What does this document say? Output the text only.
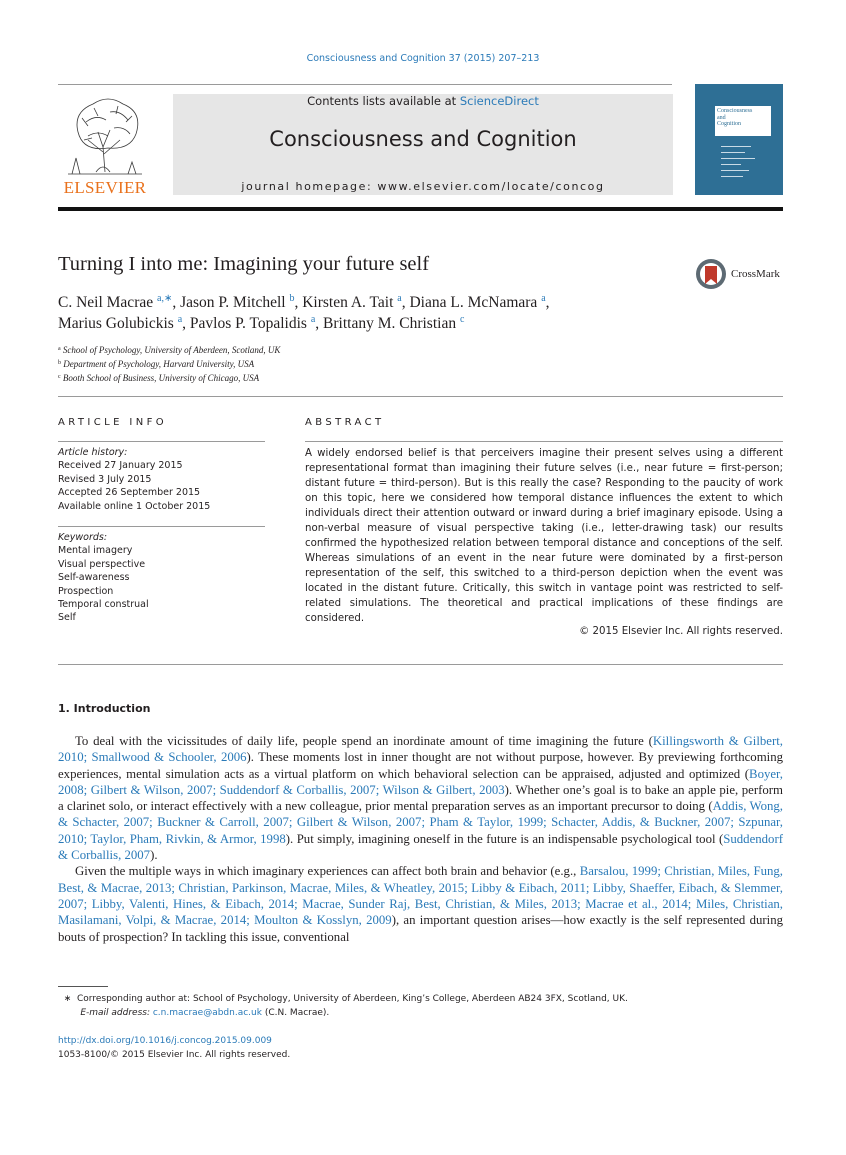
Consciousness and Cognition 37 (2015) 207–213
ELSEVIER
Contents lists available at ScienceDirect
Consciousness and Cognition
journal homepage: www.elsevier.com/locate/concog
Consciousness
and
Cognition
Turning I into me: Imagining your future self	CrossMark
C. Neil Macrae $^{a,∗}$, Jason P. Mitchell $^b$, Kirsten A. Tait $^a$, Diana L. McNamara $^a$,
Marius Golubickis $^a$, Pavlos P. Topalidis $^a$, Brittany M. Christian $^c$
$^a$ School of Psychology, University of Aberdeen, Scotland, UK
$^b$ Department of Psychology, Harvard University, USA
$^c$ Booth School of Business, University of Chicago, USA
ARTICLE INFO
Article history:
Received 27 January 2015
Revised 3 July 2015
Accepted 26 September 2015
Available online 1 October 2015
Keywords:
Mental imagery
Visual perspective
Self-awareness
Prospection
Temporal construal
Self
ABSTRACT
A widely endorsed belief is that perceivers imagine their present selves using a different representational format than imagining their future selves (i.e., near future = first-person; distant future = third-person). But is this really the case? Responding to the paucity of work on this topic, here we considered how temporal distance influences the extent to which individuals direct their attention outward or inward during a brief imaginary episode. Using a non-verbal measure of visual perspective taking (i.e., letter-drawing task) our results confirmed the hypothesized relation between temporal distance and conceptions of the self. Whereas simulations of an event in the near future were dominated by a first-person representation of the self, this switched to a third-person depiction when the event was located in the distant future. Critically, this switch in vantage point was restricted to self-related simulations. The theoretical and practical implications of these findings are considered.
© 2015 Elsevier Inc. All rights reserved.
1. Introduction

To deal with the vicissitudes of daily life, people spend an inordinate amount of time imagining the future (Killingsworth & Gilbert, 2010; Smallwood & Schooler, 2006). These moments lost in inner thought are not without purpose, however. By previewing forthcoming experiences, mental simulation acts as a virtual platform on which behavioral selection can be appraised, adjusted and optimized (Boyer, 2008; Gilbert & Wilson, 2007; Suddendorf & Corballis, 2007; Wilson & Gilbert, 2003). Whether one’s goal is to bake an apple pie, perform a clarinet solo, or interact effectively with a new colleague, prior mental preparation serves as an important precursor to doing (Addis, Wong, & Schacter, 2007; Buckner & Carroll, 2007; Gilbert & Wilson, 2007; Pham & Taylor, 1999; Schacter, Addis, & Buckner, 2007; Szpunar, 2010; Taylor, Pham, Rivkin, & Armor, 1998). Put simply, imagining oneself in the future is an indispensable psychological tool (Suddendorf & Corballis, 2007).

Given the multiple ways in which imaginary experiences can affect both brain and behavior (e.g., Barsalou, 1999; Christian, Miles, Fung, Best, & Macrae, 2013; Christian, Parkinson, Macrae, Miles, & Wheatley, 2015; Libby & Eibach, 2011; Libby, Shaeffer, Eibach, & Slemmer, 2007; Libby, Valenti, Hines, & Eibach, 2014; Macrae, Sunder Raj, Best, Christian, & Miles, 2013; Macrae et al., 2014; Miles, Christian, Masilamani, Volpi, & Macrae, 2014; Moulton & Kosslyn, 2009), an important question arises—how exactly is the self represented during bouts of prospection? In tackling this issue, conventional

∗ Corresponding author at: School of Psychology, University of Aberdeen, King’s College, Aberdeen AB24 3FX, Scotland, UK.
E-mail address: c.n.macrae@abdn.ac.uk (C.N. Macrae).
http://dx.doi.org/10.1016/j.concog.2015.09.009
1053-8100/© 2015 Elsevier Inc. All rights reserved.
